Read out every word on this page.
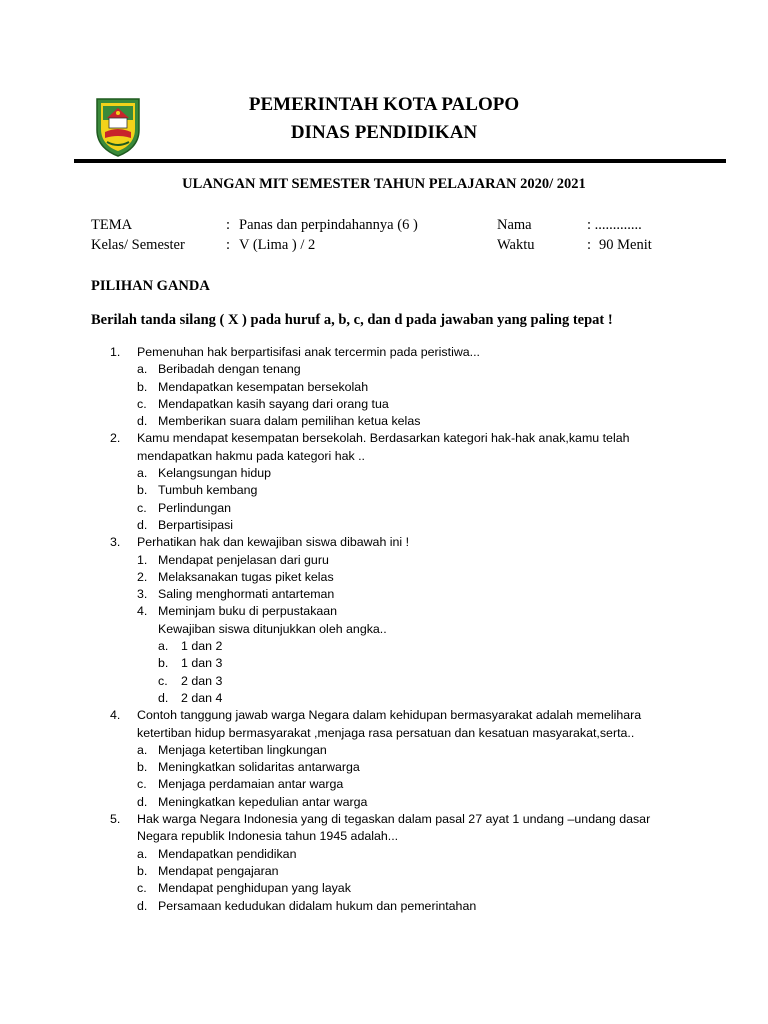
PEMERINTAH KOTA PALOPO
DINAS PENDIDIKAN
ULANGAN MIT SEMESTER TAHUN PELAJARAN 2020/ 2021
TEMA	: Panas dan perpindahannya (6 )
Kelas/ Semester	: V (Lima ) / 2
Nama	: .............
Waktu	: 90 Menit
PILIHAN GANDA
Berilah tanda silang ( X ) pada huruf a, b, c, dan d pada jawaban yang paling tepat !
1. Pemenuhan hak berpartisifasi anak tercermin pada peristiwa...
a. Beribadah dengan tenang
b. Mendapatkan kesempatan bersekolah
c. Mendapatkan kasih sayang dari orang tua
d. Memberikan suara dalam pemilihan ketua kelas
2. Kamu mendapat kesempatan bersekolah. Berdasarkan kategori hak-hak anak,kamu telah
mendapatkan hakmu pada kategori hak ..
a. Kelangsungan hidup
b. Tumbuh kembang
c. Perlindungan
d. Berpartisipasi
3. Perhatikan hak dan kewajiban siswa dibawah ini !
1. Mendapat penjelasan dari guru
2. Melaksanakan tugas piket kelas
3. Saling menghormati antarteman
4. Meminjam buku di perpustakaan
Kewajiban siswa ditunjukkan oleh angka..
a. 1 dan 2
b. 1 dan 3
c. 2 dan 3
d. 2 dan 4
4. Contoh tanggung jawab warga Negara dalam kehidupan bermasyarakat adalah memelihara
ketertiban hidup bermasyarakat ,menjaga rasa persatuan dan kesatuan masyarakat,serta..
a. Menjaga ketertiban lingkungan
b. Meningkatkan solidaritas antarwarga
c. Menjaga perdamaian antar warga
d. Meningkatkan kepedulian antar warga
5. Hak warga Negara Indonesia yang di tegaskan dalam pasal 27 ayat 1 undang –undang dasar
Negara republik Indonesia tahun 1945 adalah...
a. Mendapatkan pendidikan
b. Mendapat pengajaran
c. Mendapat penghidupan yang layak
d. Persamaan kedudukan didalam hukum dan pemerintahan
